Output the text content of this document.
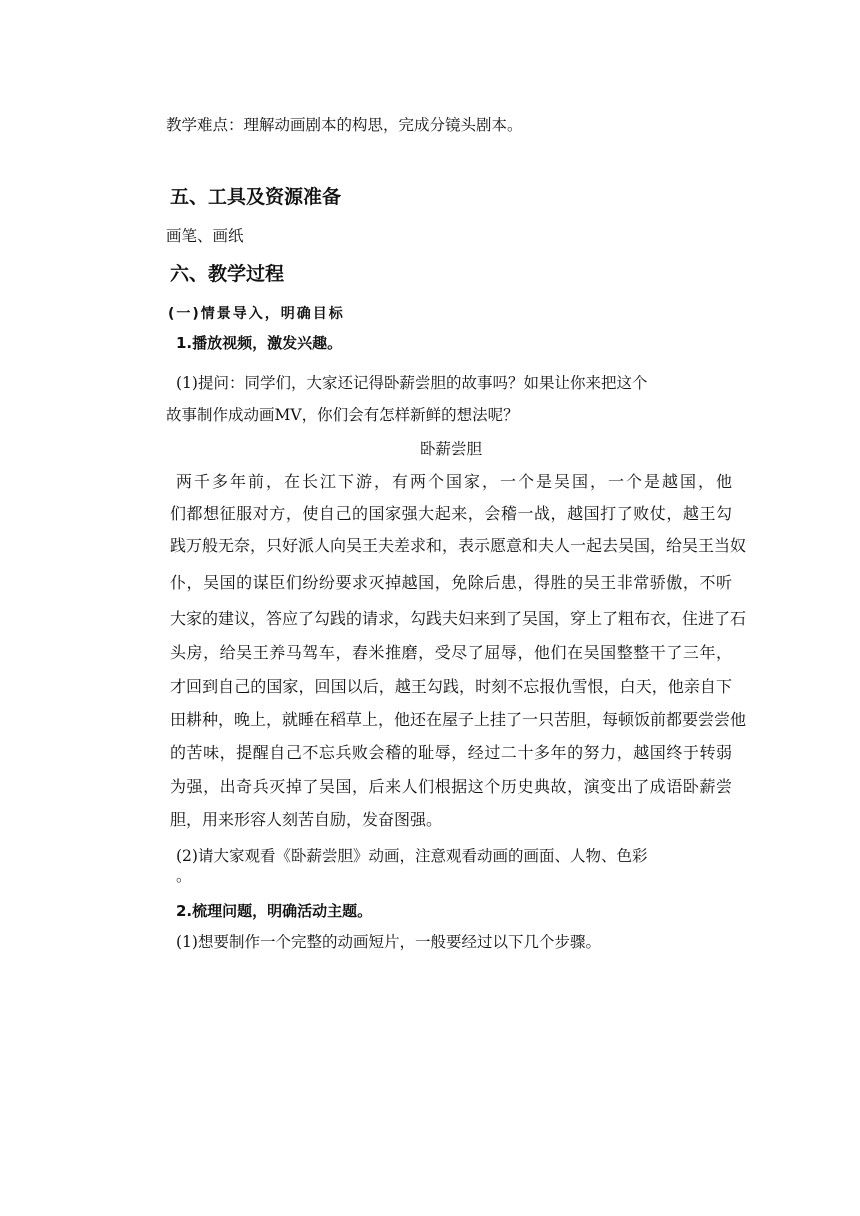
教学难点：理解动画剧本的构思，完成分镜头剧本。
五、工具及资源准备
画笔、画纸
六、教学过程
(一)情景导入，明确目标
1.播放视频，激发兴趣。
(1)提问：同学们，大家还记得卧薪尝胆的故事吗？如果让你来把这个
故事制作成动画MV，你们会有怎样新鲜的想法呢？
卧薪尝胆
两千多年前，在长江下游，有两个国家，一个是吴国，一个是越国，他
们都想征服对方，使自己的国家强大起来，会稽一战，越国打了败仗，越王勾
践万般无奈，只好派人向吴王夫差求和，表示愿意和夫人一起去吴国，给吴王当奴
仆，吴国的谋臣们纷纷要求灭掉越国，免除后患，得胜的吴王非常骄傲，不听
大家的建议，答应了勾践的请求，勾践夫妇来到了吴国，穿上了粗布衣，住进了石
头房，给吴王养马驾车，舂米推磨，受尽了屈辱，他们在吴国整整干了三年，
才回到自己的国家，回国以后，越王勾践，时刻不忘报仇雪恨，白天，他亲自下
田耕种，晚上，就睡在稻草上，他还在屋子上挂了一只苦胆，每顿饭前都要尝尝他
的苦味，提醒自己不忘兵败会稽的耻辱，经过二十多年的努力，越国终于转弱
为强，出奇兵灭掉了吴国，后来人们根据这个历史典故，演变出了成语卧薪尝
胆，用来形容人刻苦自励，发奋图强。
(2)请大家观看《卧薪尝胆》动画，注意观看动画的画面、人物、色彩
。
2.梳理问题，明确活动主题。
(1)想要制作一个完整的动画短片，一般要经过以下几个步骤。
